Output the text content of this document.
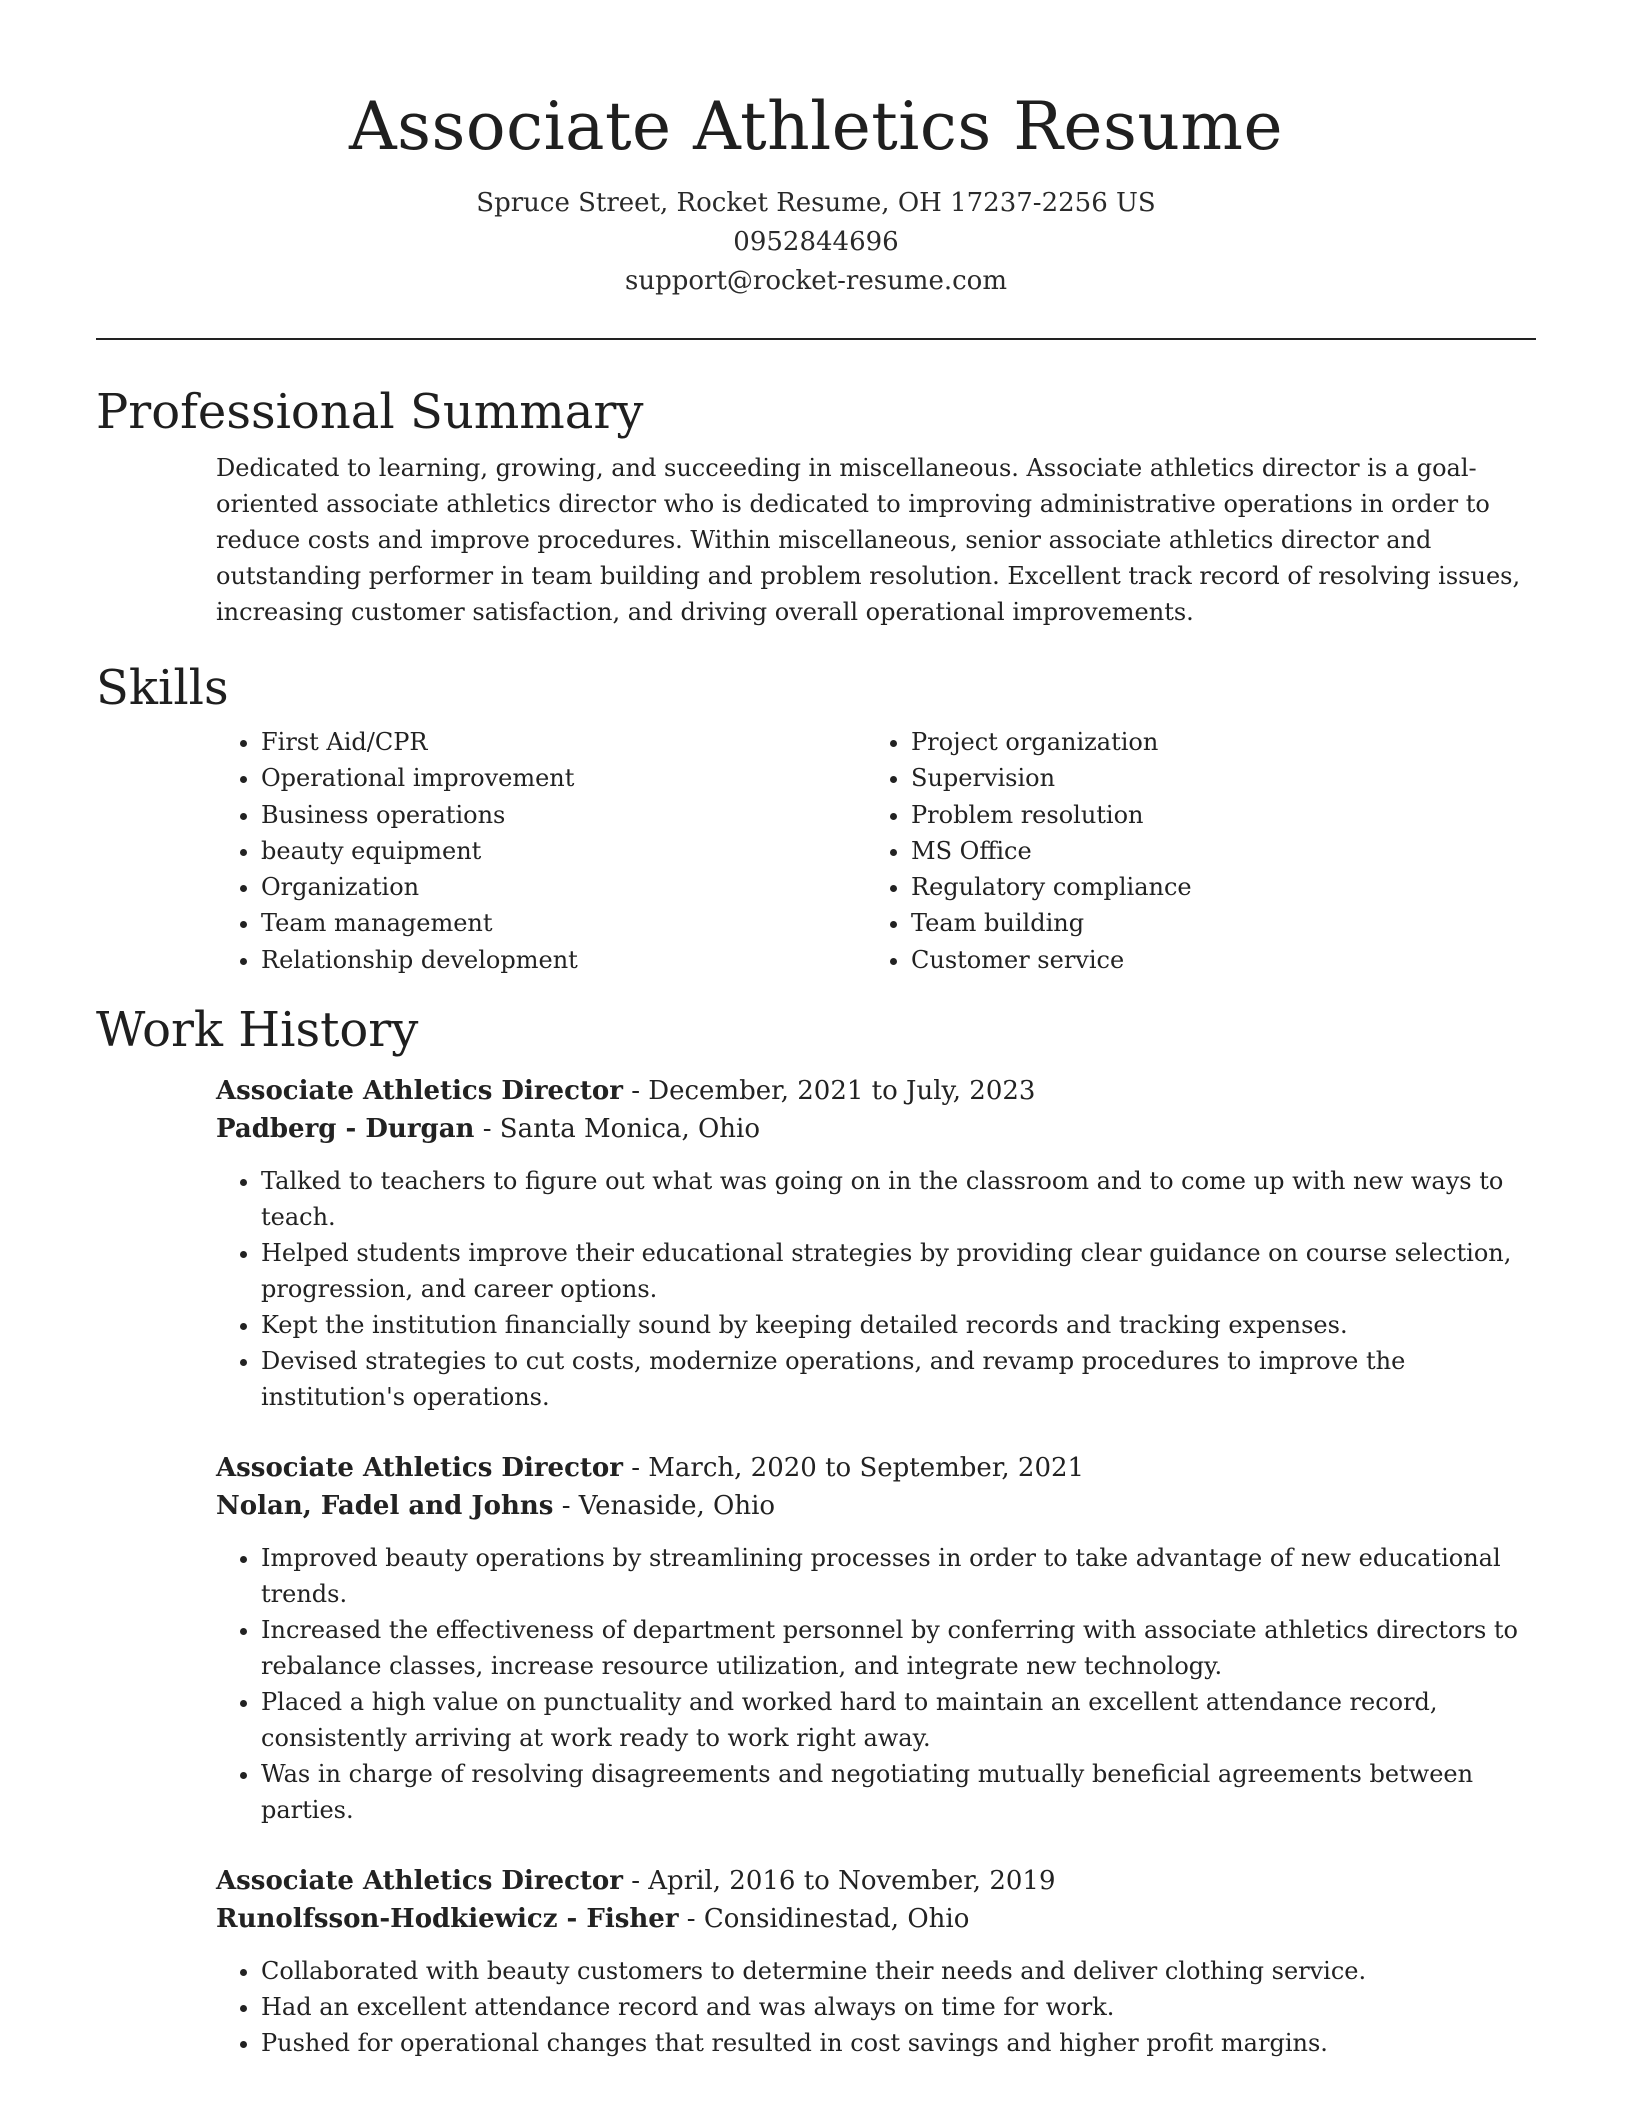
Associate Athletics Resume
Spruce Street, Rocket Resume, OH 17237-2256 US
0952844696
support@rocket-resume.com
Professional Summary

Dedicated to learning, growing, and succeeding in miscellaneous. Associate athletics director is a goal-oriented associate athletics director who is dedicated to improving administrative operations in order to reduce costs and improve procedures. Within miscellaneous, senior associate athletics director and outstanding performer in team building and problem resolution. Excellent track record of resolving issues, increasing customer satisfaction, and driving overall operational improvements.

Skills
• First Aid/CPR
• Operational improvement
• Business operations
• beauty equipment
• Organization
• Team management
• Relationship development
• Project organization
• Supervision
• Problem resolution
• MS Office
• Regulatory compliance
• Team building
• Customer service
Work History
Associate Athletics Director - December, 2021 to July, 2023
Padberg - Durgan - Santa Monica, Ohio
• Talked to teachers to figure out what was going on in the classroom and to come up with new ways to teach.
• Helped students improve their educational strategies by providing clear guidance on course selection, progression, and career options.
• Kept the institution financially sound by keeping detailed records and tracking expenses.
• Devised strategies to cut costs, modernize operations, and revamp procedures to improve the institution's operations.
Associate Athletics Director - March, 2020 to September, 2021
Nolan, Fadel and Johns - Venaside, Ohio
• Improved beauty operations by streamlining processes in order to take advantage of new educational trends.
• Increased the effectiveness of department personnel by conferring with associate athletics directors to rebalance classes, increase resource utilization, and integrate new technology.
• Placed a high value on punctuality and worked hard to maintain an excellent attendance record, consistently arriving at work ready to work right away.
• Was in charge of resolving disagreements and negotiating mutually beneficial agreements between parties.
Associate Athletics Director - April, 2016 to November, 2019
Runolfsson-Hodkiewicz - Fisher - Considinestad, Ohio
• Collaborated with beauty customers to determine their needs and deliver clothing service.
• Had an excellent attendance record and was always on time for work.
• Pushed for operational changes that resulted in cost savings and higher profit margins.
